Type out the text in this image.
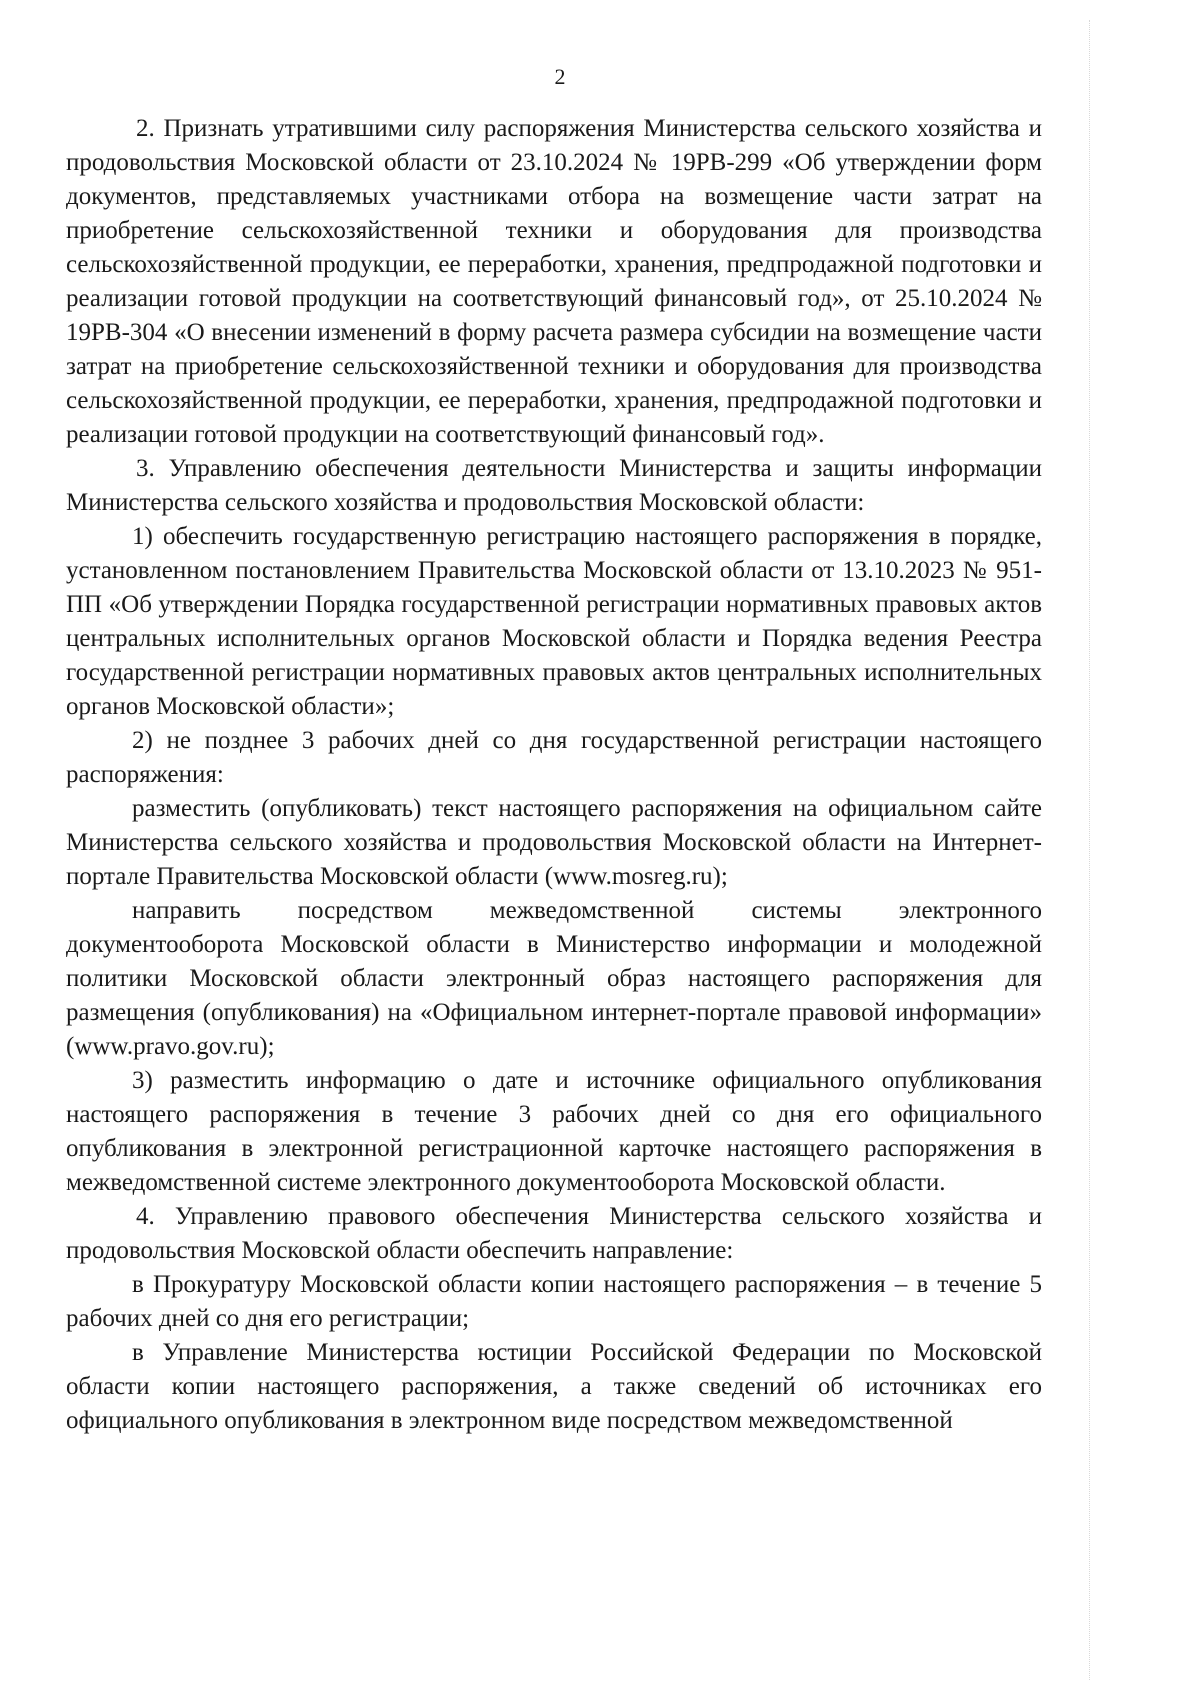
2

2. Признать утратившими силу распоряжения Министерства сельского хозяйства и продовольствия Московской области от 23.10.2024 № 19РВ-299 «Об утверждении форм документов, представляемых участниками отбора на возмещение части затрат на приобретение сельскохозяйственной техники и оборудования для производства сельскохозяйственной продукции, ее переработки, хранения, предпродажной подготовки и реализации готовой продукции на соответствующий финансовый год», от 25.10.2024 № 19РВ-304 «О внесении изменений в форму расчета размера субсидии на возмещение части затрат на приобретение сельскохозяйственной техники и оборудования для производства сельскохозяйственной продукции, ее переработки, хранения, предпродажной подготовки и реализации готовой продукции на соответствующий финансовый год».

3. Управлению обеспечения деятельности Министерства и защиты информации Министерства сельского хозяйства и продовольствия Московской области:

1) обеспечить государственную регистрацию настоящего распоряжения в порядке, установленном постановлением Правительства Московской области от 13.10.2023 № 951-ПП «Об утверждении Порядка государственной регистрации нормативных правовых актов центральных исполнительных органов Московской области и Порядка ведения Реестра государственной регистрации нормативных правовых актов центральных исполнительных органов Московской области»;

2) не позднее 3 рабочих дней со дня государственной регистрации настоящего распоряжения:

разместить (опубликовать) текст настоящего распоряжения на официальном сайте Министерства сельского хозяйства и продовольствия Московской области на Интернет-портале Правительства Московской области (www.mosreg.ru);

направить посредством межведомственной системы электронного документооборота Московской области в Министерство информации и молодежной политики Московской области электронный образ настоящего распоряжения для размещения (опубликования) на «Официальном интернет-портале правовой информации» (www.pravo.gov.ru);

3) разместить информацию о дате и источнике официального опубликования настоящего распоряжения в течение 3 рабочих дней со дня его официального опубликования в электронной регистрационной карточке настоящего распоряжения в межведомственной системе электронного документооборота Московской области.

4. Управлению правового обеспечения Министерства сельского хозяйства и продовольствия Московской области обеспечить направление:

в Прокуратуру Московской области копии настоящего распоряжения – в течение 5 рабочих дней со дня его регистрации;

в Управление Министерства юстиции Российской Федерации по Московской области копии настоящего распоряжения, а также сведений об источниках его официального опубликования в электронном виде посредством межведомственной
